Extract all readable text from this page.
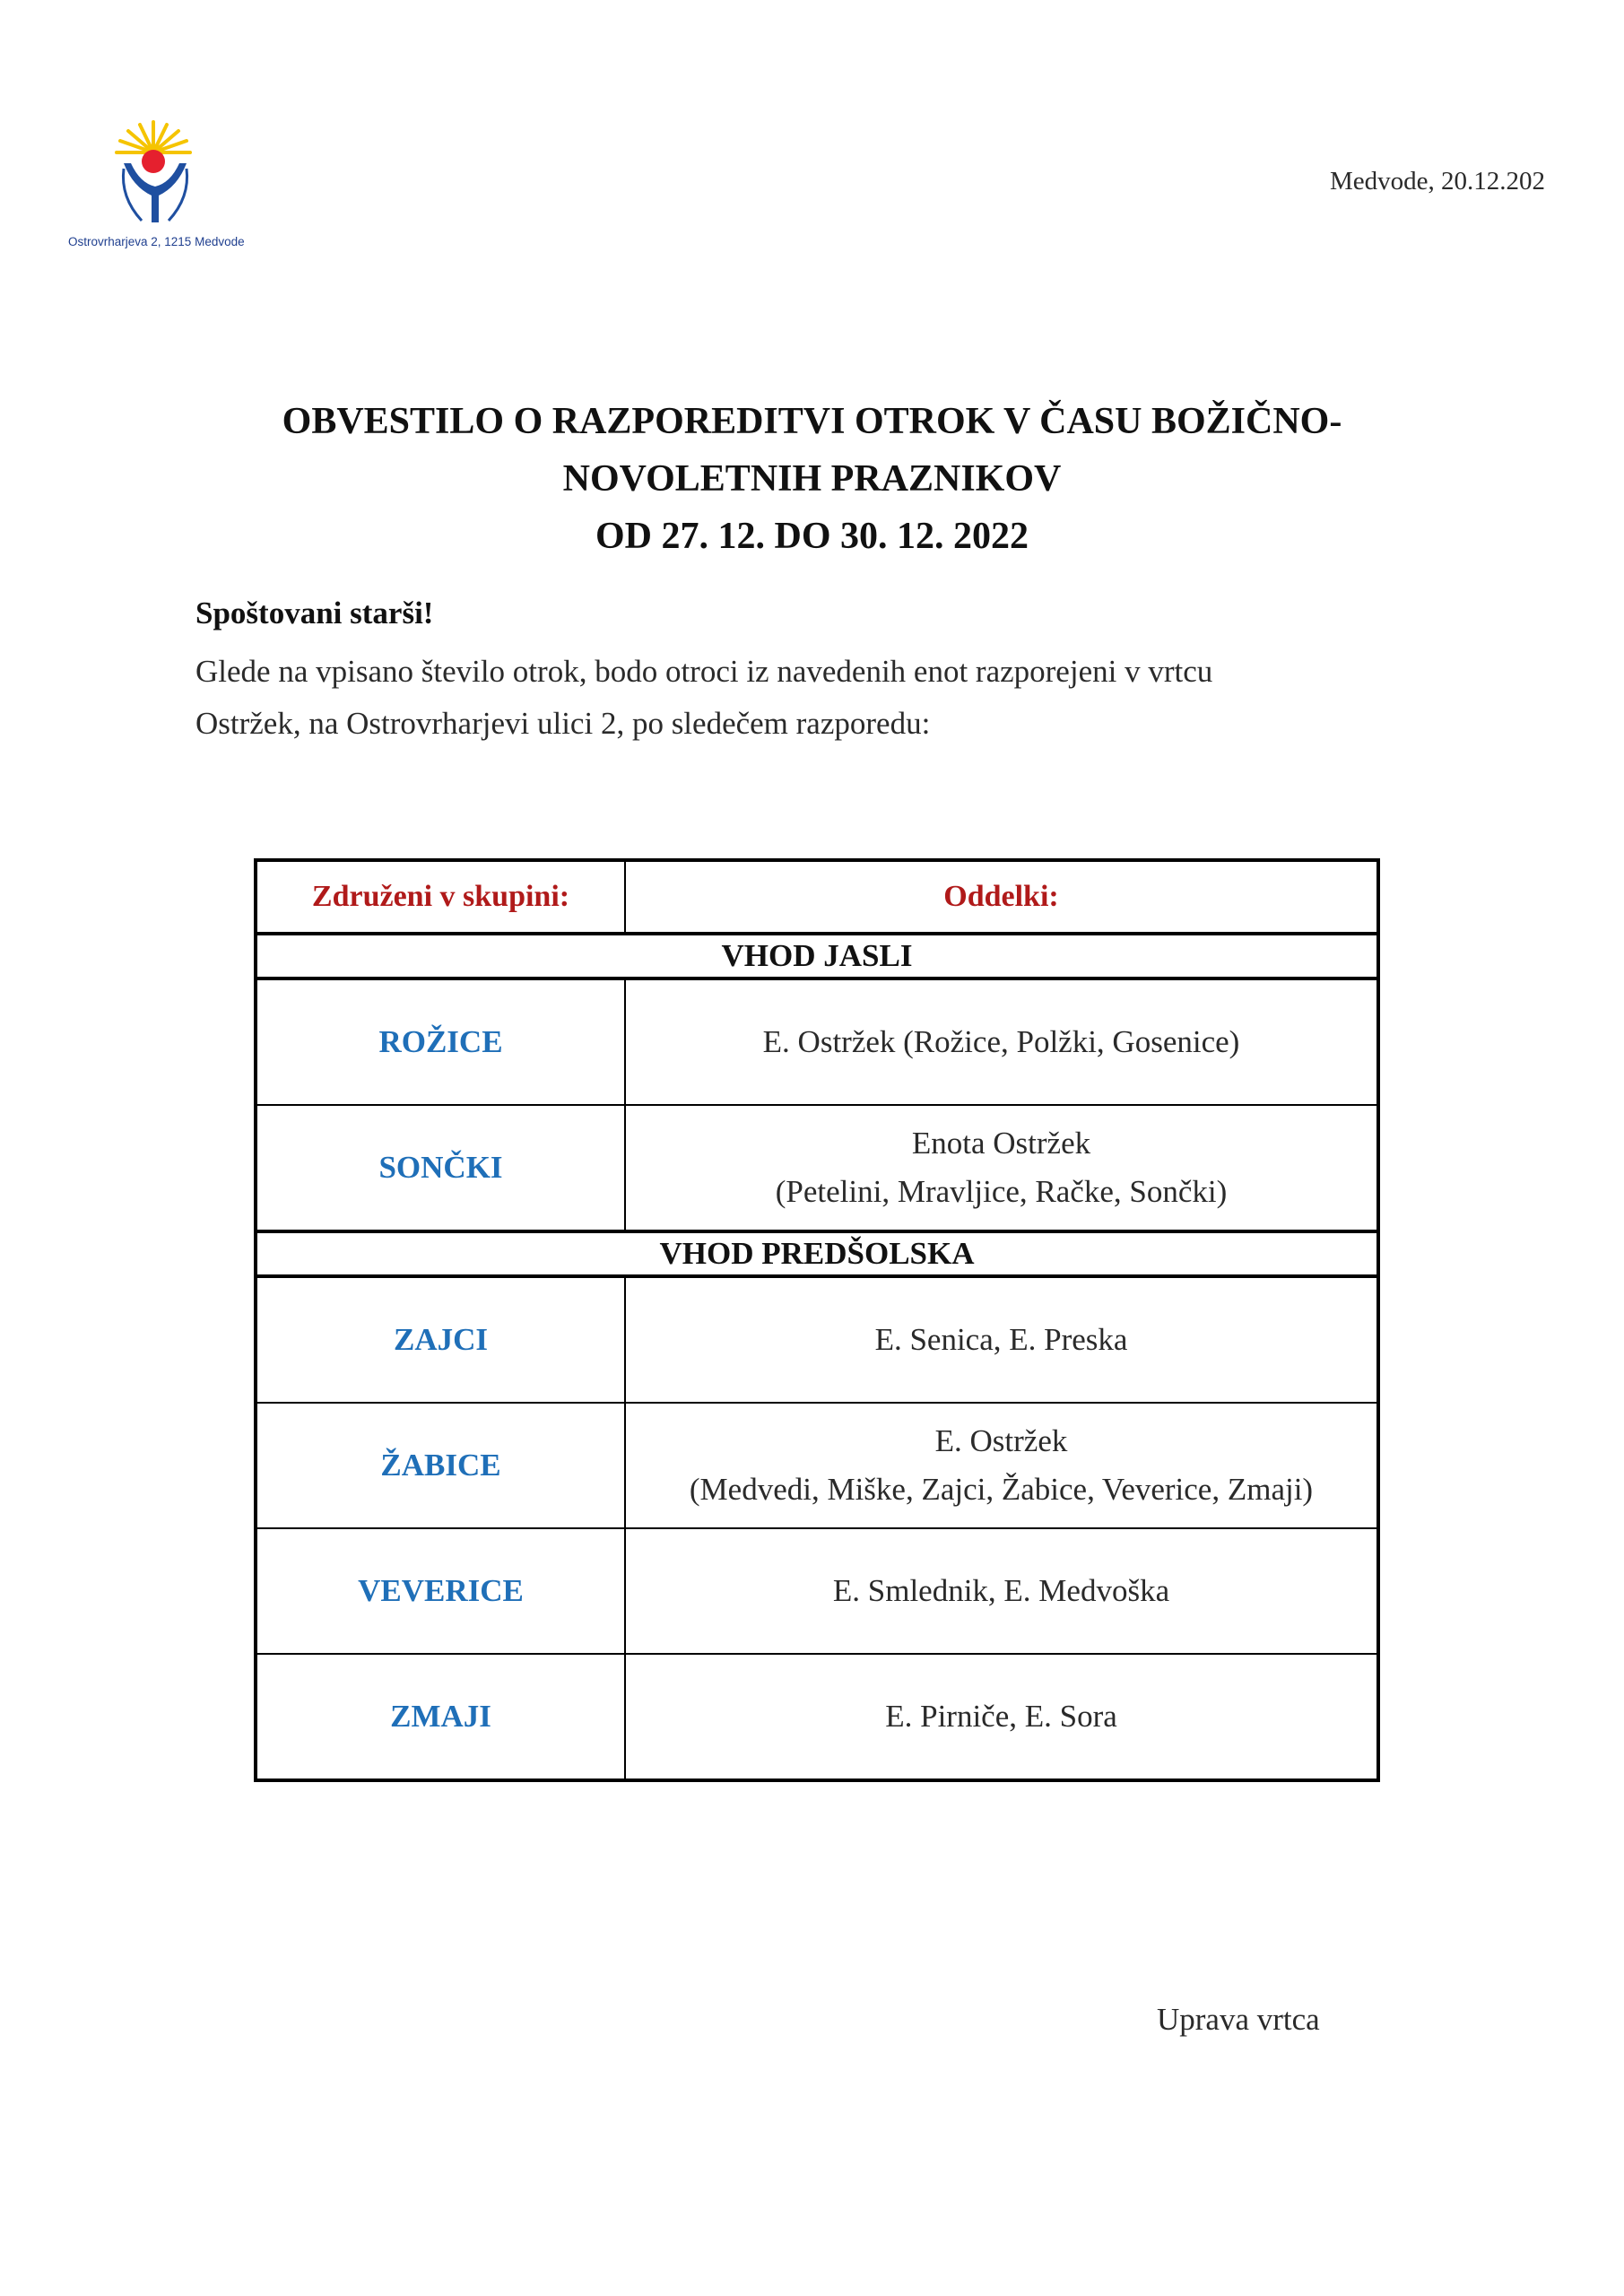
Ostrovrharjeva 2, 1215 Medvode
Medvode, 20.12.202
OBVESTILO O RAZPOREDITVI OTROK V ČASU BOŽIČNO-
NOVOLETNIH PRAZNIKOV
OD 27. 12. DO 30. 12. 2022
Spoštovani starši!
Glede na vpisano število otrok, bodo otroci iz navedenih enot razporejeni v vrtcu
Ostržek, na Ostrovrharjevi ulici 2, po sledečem razporedu:
Združeni v skupini:	Oddelki:
VHOD JASLI	
ROŽICE	E. Ostržek (Rožice, Polžki, Gosenice)

SONČKI	Enota Ostržek
(Petelini, Mravljice, Račke, Sončki)

VHOD PREDŠOLSKA	
ZAJCI	E. Senica, E. Preska

ŽABICE	E. Ostržek
(Medvedi, Miške, Zajci, Žabice, Veverice, Zmaji)

VEVERICE	E. Smlednik, E. Medvoška

ZMAJI	E. Pirniče, E. Sora
Uprava vrtca
